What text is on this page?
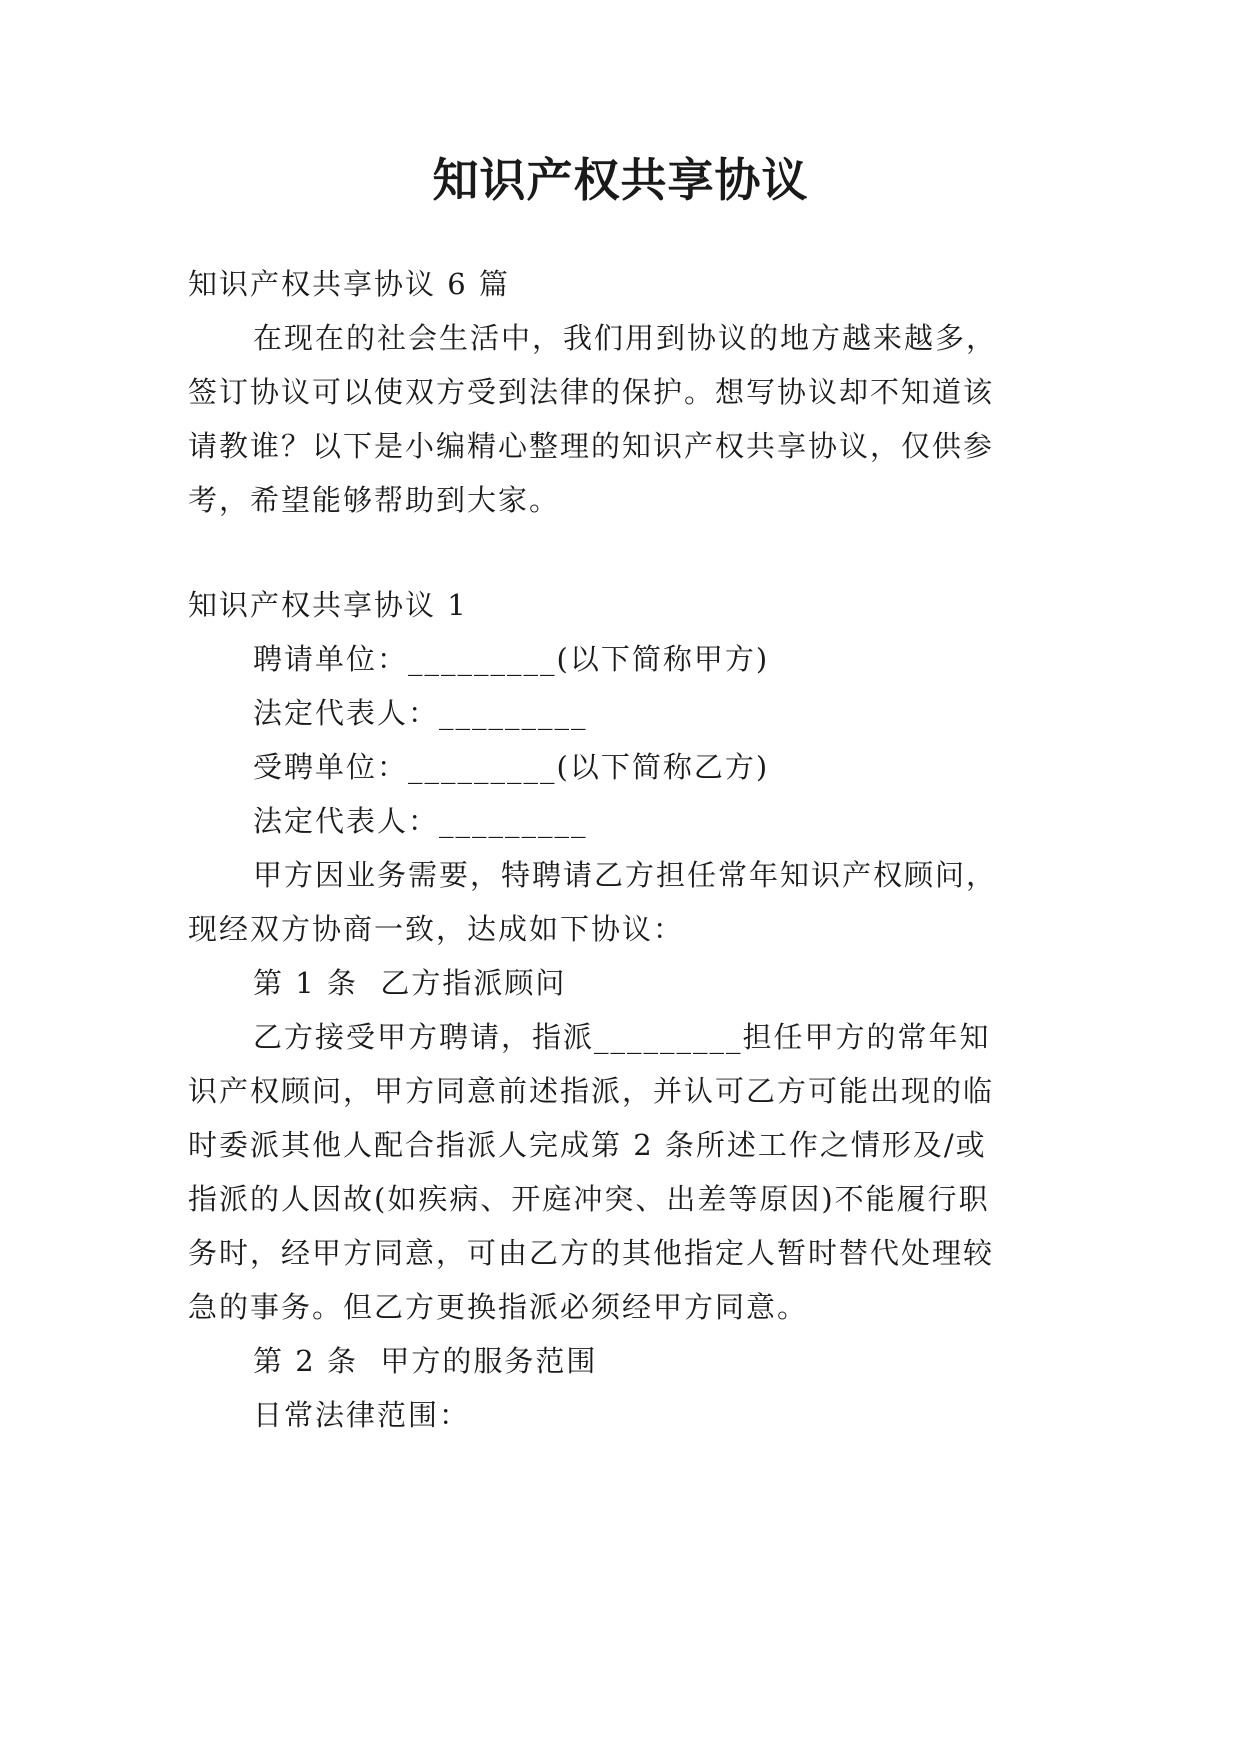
知识产权共享协议
知识产权共享协议 6 篇
在现在的社会生活中，我们用到协议的地方越来越多，
签订协议可以使双方受到法律的保护。想写协议却不知道该
请教谁？以下是小编精心整理的知识产权共享协议，仅供参
考，希望能够帮助到大家。
知识产权共享协议 1
聘请单位：_________(以下简称甲方)
法定代表人：_________
受聘单位：_________(以下简称乙方)
法定代表人：_________
甲方因业务需要，特聘请乙方担任常年知识产权顾问，
现经双方协商一致，达成如下协议：
第 1 条  乙方指派顾问
乙方接受甲方聘请，指派_________担任甲方的常年知
识产权顾问，甲方同意前述指派，并认可乙方可能出现的临
时委派其他人配合指派人完成第 2 条所述工作之情形及/或
指派的人因故(如疾病、开庭冲突、出差等原因)不能履行职
务时，经甲方同意，可由乙方的其他指定人暂时替代处理较
急的事务。但乙方更换指派必须经甲方同意。
第 2 条  甲方的服务范围
日常法律范围：
